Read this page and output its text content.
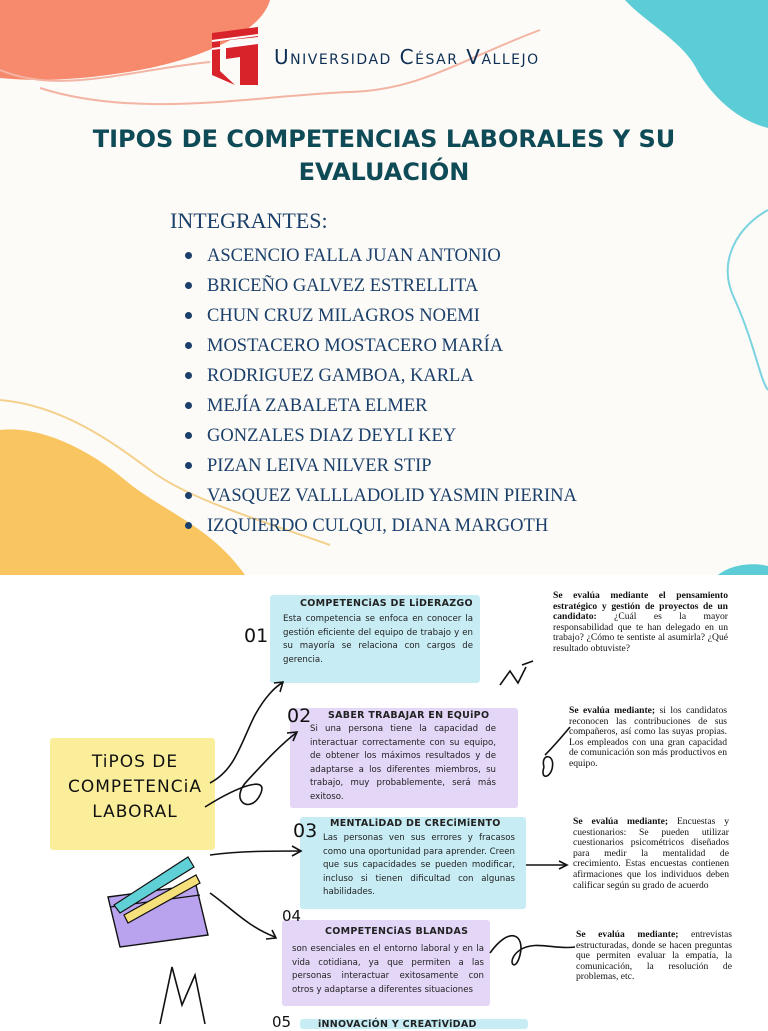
Universidad César Vallejo
TIPOS DE COMPETENCIAS LABORALES Y SU EVALUACIÓN
INTEGRANTES:
ASCENCIO FALLA JUAN ANTONIO
BRICEÑO GALVEZ ESTRELLITA
CHUN CRUZ MILAGROS NOEMI
MOSTACERO MOSTACERO MARÍA
RODRIGUEZ GAMBOA, KARLA
MEJÍA ZABALETA ELMER
GONZALES DIAZ DEYLI KEY
PIZAN LEIVA NILVER STIP
VASQUEZ VALLLADOLID YASMIN PIERINA
IZQUIERDO CULQUI, DIANA MARGOTH
TiPOS DE COMPETENCiA LABORAL
01
02
03
04
05
COMPETENCiAS DE LiDERAZGO
SABER TRABAJAR EN EQUiPO
MENTALiDAD DE CRECiMiENTO
COMPETENCiAS BLANDAS
iNNOVACiÓN Y CREATiViDAD
Esta competencia se enfoca en conocer la gestión eficiente del equipo de trabajo y en su mayoría se relaciona con cargos de gerencia.
Si una persona tiene la capacidad de interactuar correctamente con su equipo, de obtener los máximos resultados y de adaptarse a los diferentes miembros, su trabajo, muy probablemente, será más exitoso.
Las personas ven sus errores y fracasos como una oportunidad para aprender. Creen que sus capacidades se pueden modificar, incluso si tienen dificultad con algunas habilidades.
son esenciales en el entorno laboral y en la vida cotidiana, ya que permiten a las personas interactuar exitosamente con otros y adaptarse a diferentes situaciones
Se evalúa mediante el pensamiento estratégico y gestión de proyectos de un candidato: ¿Cuál es la mayor responsabilidad que te han delegado en un trabajo? ¿Cómo te sentiste al asumirla? ¿Qué resultado obtuviste?
Se evalúa mediante; si los candidatos reconocen las contribuciones de sus compañeros, así como las suyas propias. Los empleados con una gran capacidad de comunicación son más productivos en equipo.
Se evalúa mediante; Encuestas y cuestionarios: Se pueden utilizar cuestionarios psicométricos diseñados para medir la mentalidad de crecimiento. Estas encuestas contienen afirmaciones que los individuos deben calificar según su grado de acuerdo
Se evalúa mediante; entrevistas estructuradas, donde se hacen preguntas que permiten evaluar la empatía, la comunicación, la resolución de problemas, etc.
